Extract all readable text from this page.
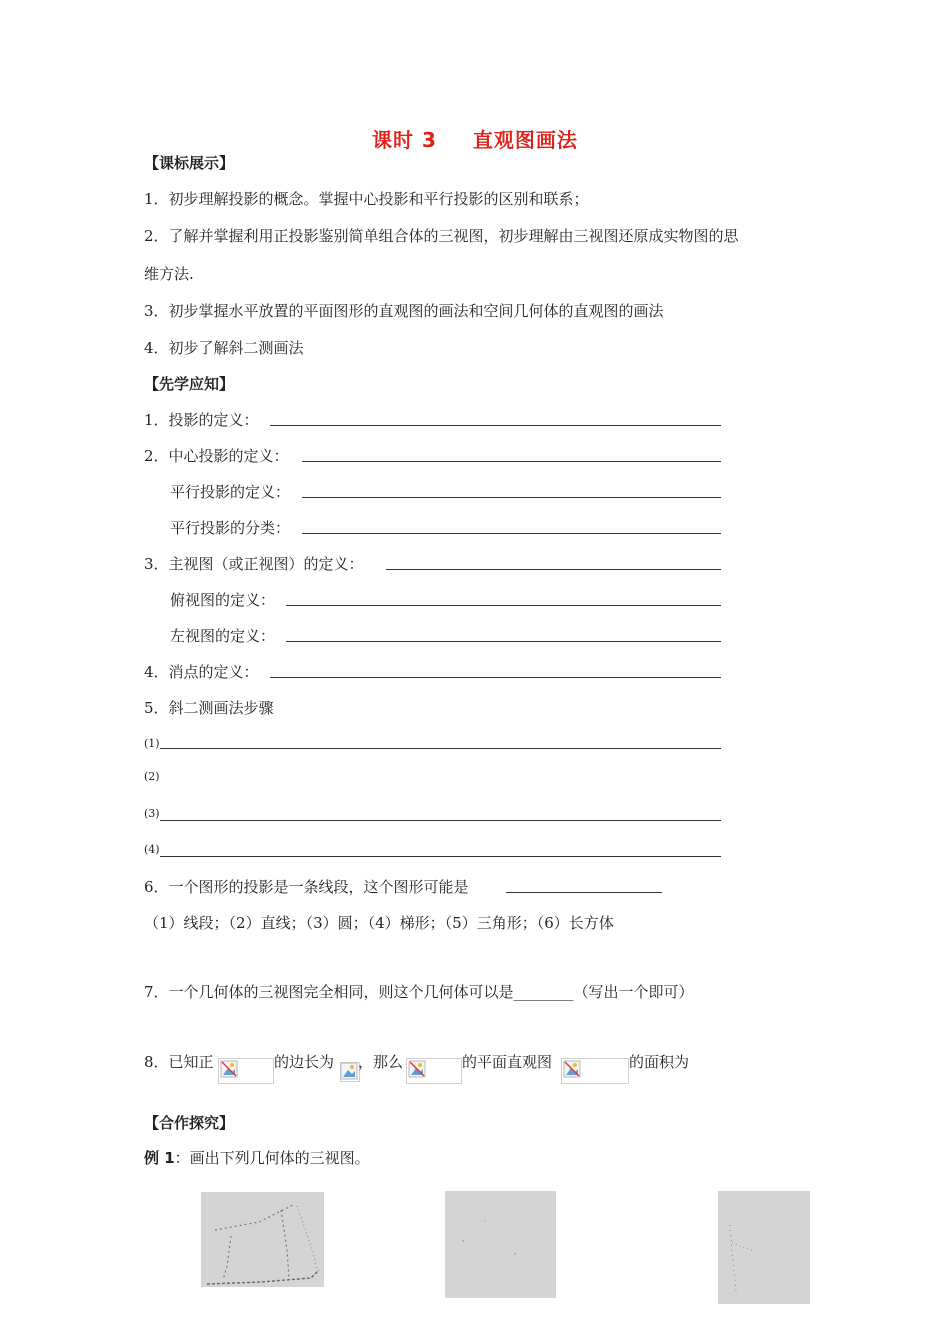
课时 3 直观图画法
【课标展示】
1．初步理解投影的概念。掌握中心投影和平行投影的区别和联系；
2．了解并掌握利用正投影鉴别简单组合体的三视图，初步理解由三视图还原成实物图的思
维方法.
3．初步掌握水平放置的平面图形的直观图的画法和空间几何体的直观图的画法
4．初步了解斜二测画法
【先学应知】
1．投影的定义：
2．中心投影的定义：
平行投影的定义：
平行投影的分类：
3．主视图（或正视图）的定义：
俯视图的定义：
左视图的定义：
4．消点的定义：
5．斜二测画法步骤
(1)
(2)
(3)
(4)
6．一个图形的投影是一条线段，这个图形可能是
（1）线段；（2）直线；（3）圆；（4）梯形；（5）三角形；（6）长方体
7．一个几何体的三视图完全相同，则这个几何体可以是________（写出一个即可）
8．已知正	的边长为 ，那么	的平面直观图	的面积为
【合作探究】
例 1：画出下列几何体的三视图。
